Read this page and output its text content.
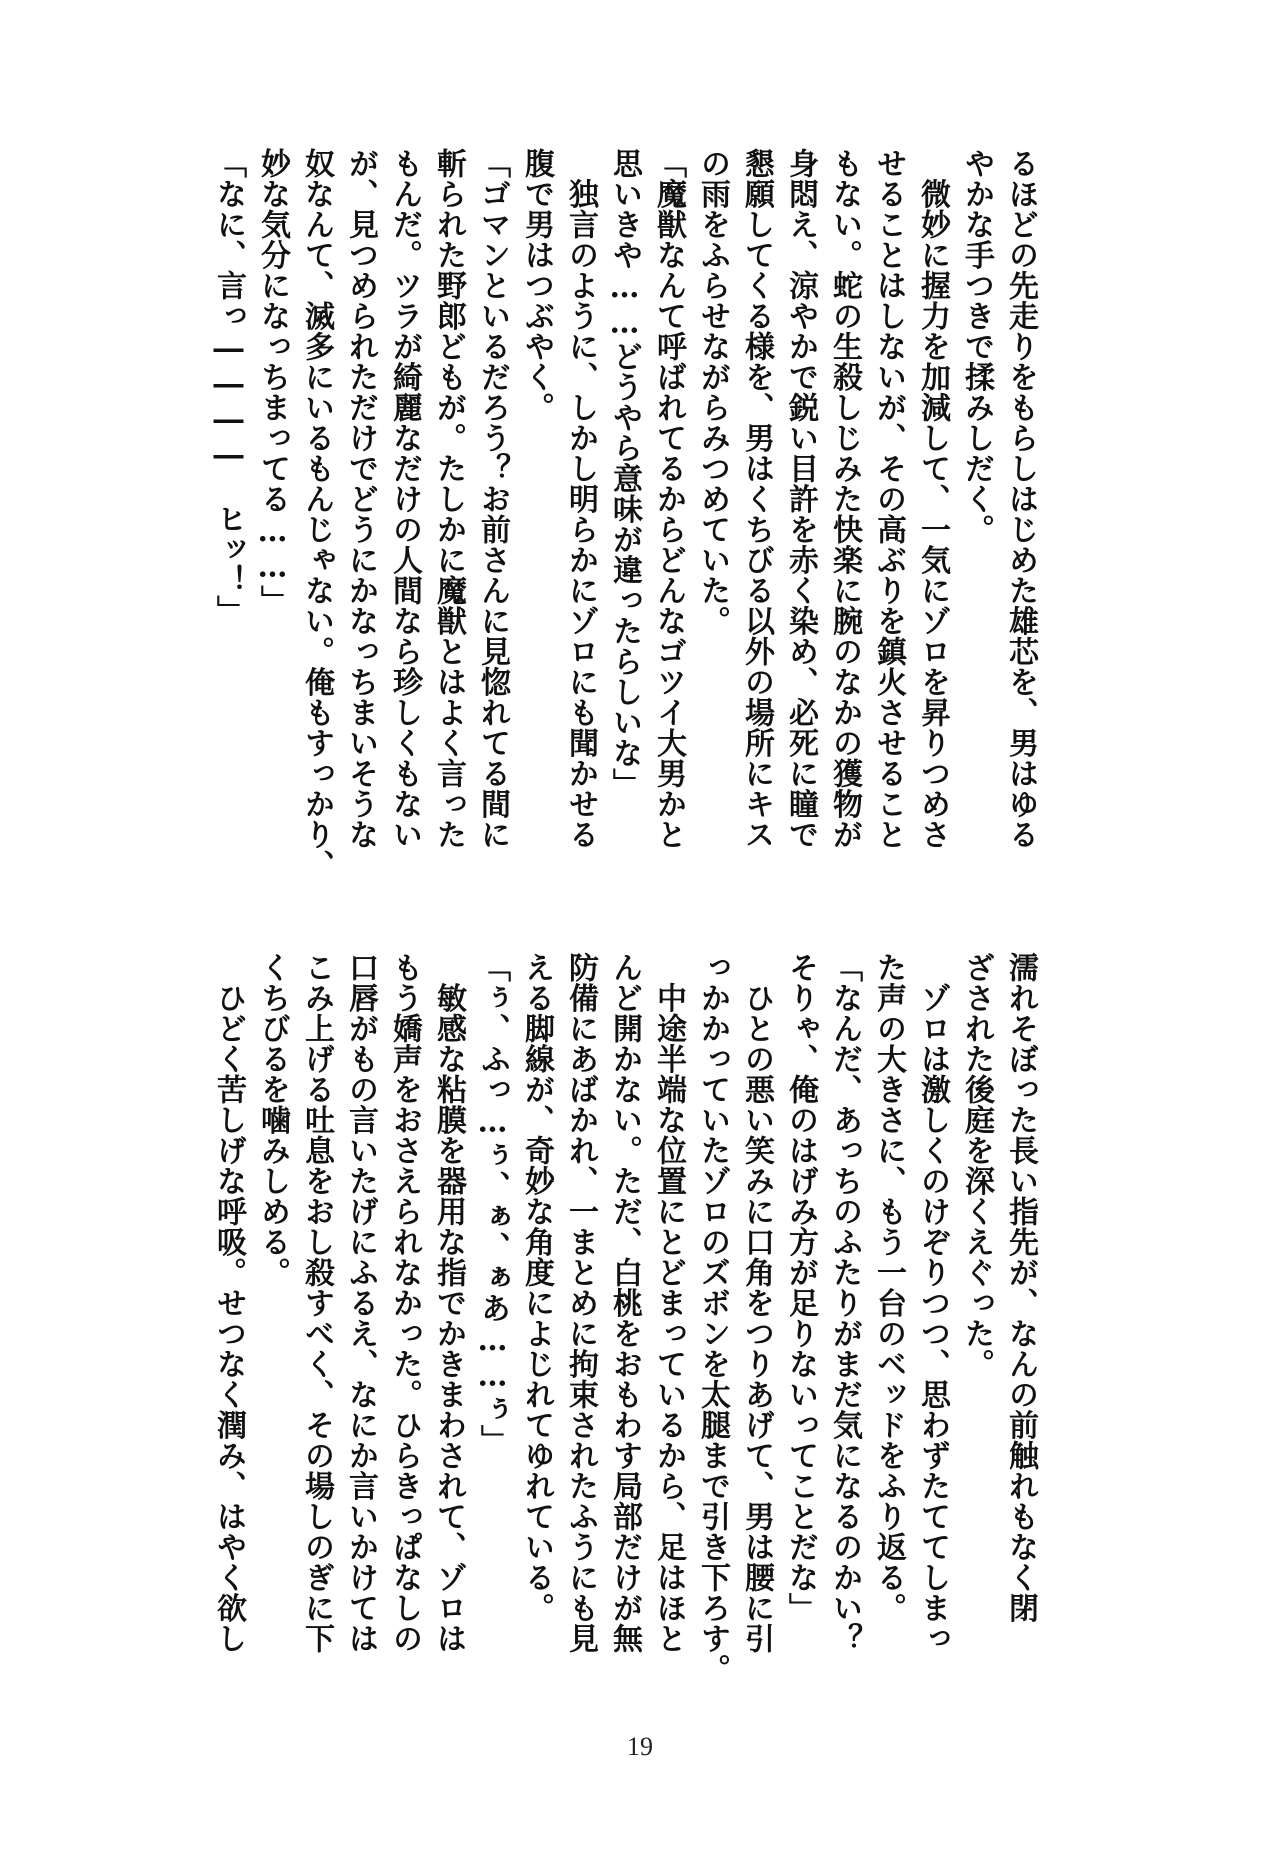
るほどの先走りをもらしはじめた雄芯を、男はゆる
やかな手つきで揉みしだく。
　微妙に握力を加減して、一気にゾロを昇りつめさ
せることはしないが、その高ぶりを鎮火させること
もない。蛇の生殺しじみた快楽に腕のなかの獲物が
身悶え、涼やかで鋭い目許を赤く染め、必死に瞳で
懇願してくる様を、男はくちびる以外の場所にキス
の雨をふらせながらみつめていた。
「魔獣なんて呼ばれてるからどんなゴツイ大男かと
思いきや……どうやら意味が違ったらしいな」
　独言のように、しかし明らかにゾロにも聞かせる
腹で男はつぶやく。
「ゴマンといるだろう？お前さんに見惚れてる間に
斬られた野郎どもが。たしかに魔獣とはよく言った
もんだ。ツラが綺麗なだけの人間なら珍しくもない
が、見つめられただけでどうにかなっちまいそうな
奴なんて、滅多にいるもんじゃない。俺もすっかり、
妙な気分になっちまってる……」
「なに、言っ――――　ヒッ！」
濡れそぼった長い指先が、なんの前触れもなく閉
ざされた後庭を深くえぐった。
　ゾロは激しくのけぞりつつ、思わずたててしまっ
た声の大きさに、もう一台のベッドをふり返る。
「なんだ、あっちのふたりがまだ気になるのかい？
そりゃ、俺のはげみ方が足りないってことだな」
　ひとの悪い笑みに口角をつりあげて、男は腰に引
っかかっていたゾロのズボンを太腿まで引き下ろす。
　中途半端な位置にとどまっているから、足はほと
んど開かない。ただ、白桃をおもわす局部だけが無
防備にあばかれ、一まとめに拘束されたふうにも見
える脚線が、奇妙な角度によじれてゆれている。
「ぅ、ふっ…ぅ、ぁ、ぁあ……ぅ」
　敏感な粘膜を器用な指でかきまわされて、ゾロは
もう嬌声をおさえられなかった。ひらきっぱなしの
口唇がもの言いたげにふるえ、なにか言いかけては
こみ上げる吐息をおし殺すべく、その場しのぎに下
くちびるを噛みしめる。
　ひどく苦しげな呼吸。せつなく潤み、はやく欲し
19
